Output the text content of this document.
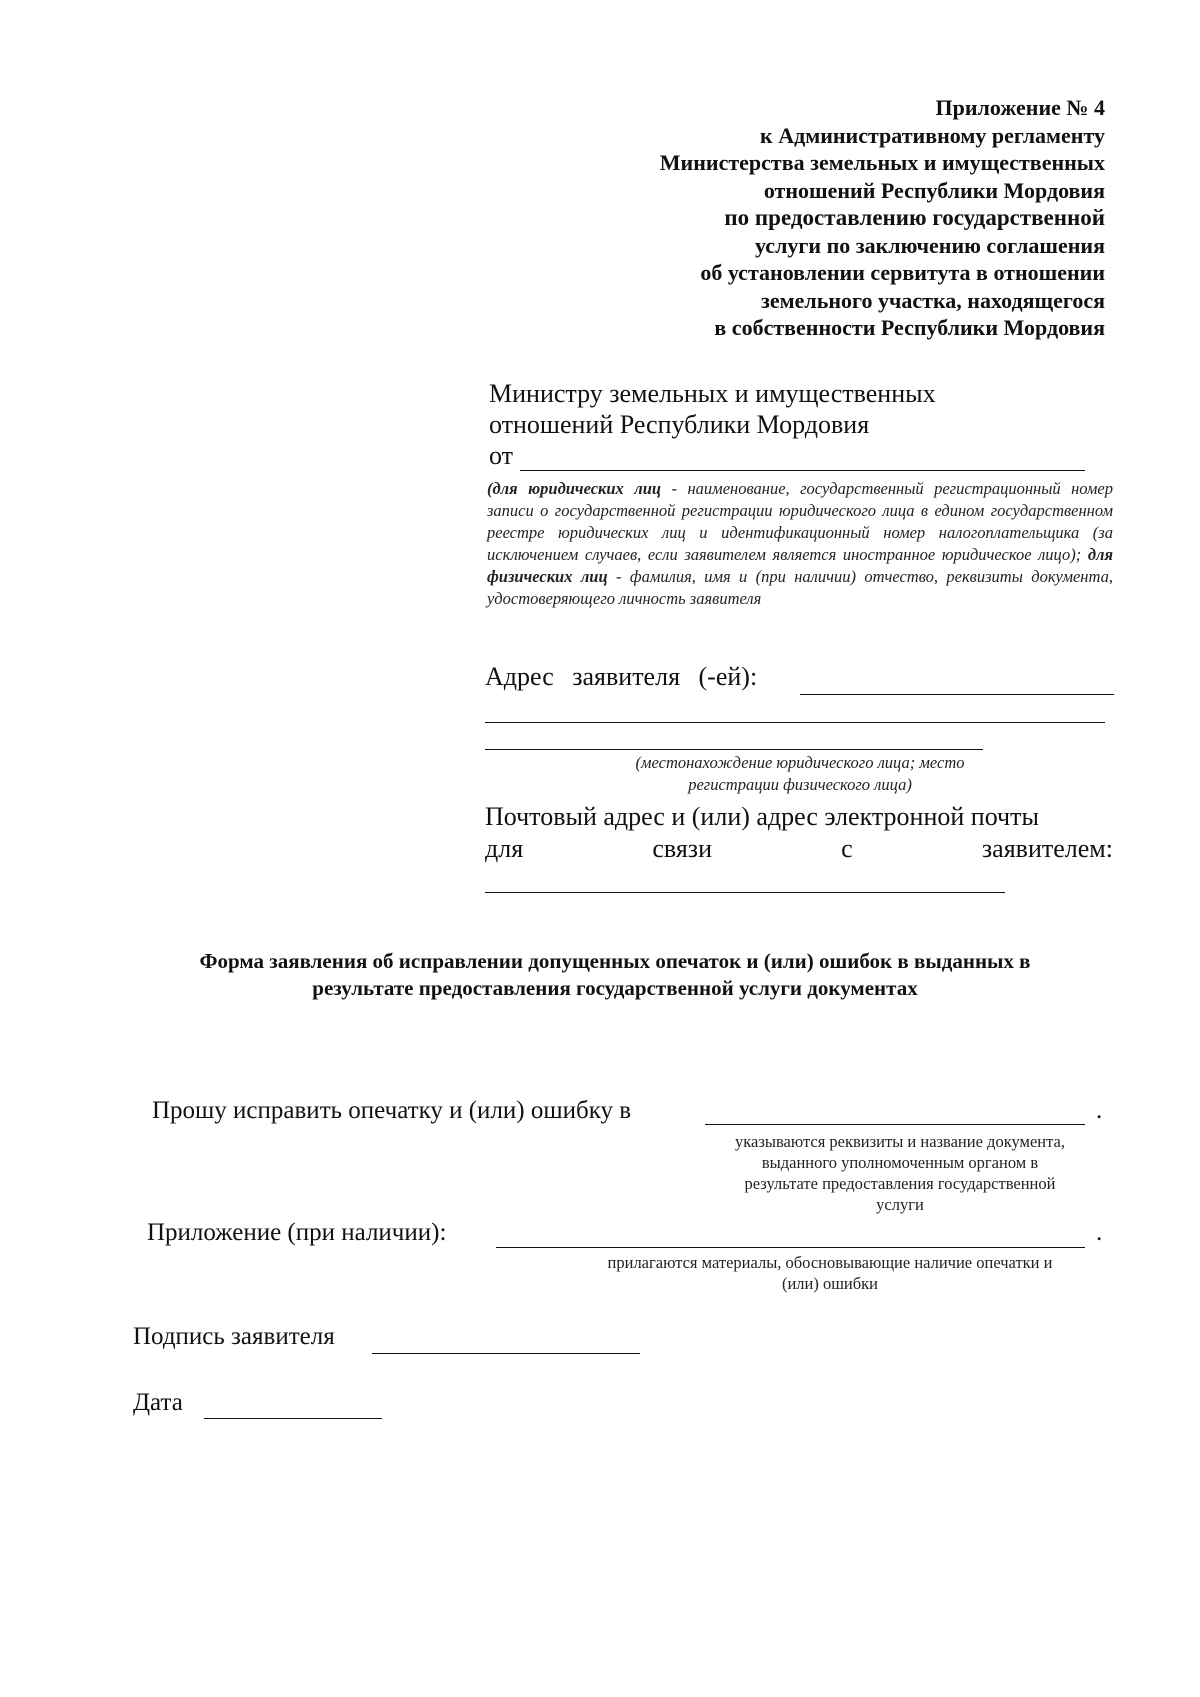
Приложение № 4
к Административному регламенту
Министерства земельных и имущественных
отношений Республики Мордовия
по предоставлению государственной
услуги по заключению соглашения
об установлении сервитута в отношении
земельного участка, находящегося
в собственности Республики Мордовия
Министру земельных и имущественных
отношений Республики Мордовия
от
(для юридических лиц - наименование, государственный регистрационный номер записи о государственной регистрации юридического лица в едином государственном реестре юридических лиц и идентификационный номер налогоплательщика (за исключением случаев, если заявителем является иностранное юридическое лицо); для физических лиц - фамилия, имя и (при наличии) отчество, реквизиты документа, удостоверяющего личность заявителя
Адрес заявителя (-ей):
(местонахождение юридического лица; место
регистрации физического лица)
Почтовый адрес и (или) адрес электронной почты
для	связи	с	заявителем:
Форма заявления об исправлении допущенных опечаток и (или) ошибок в выданных в
результате предоставления государственной услуги документах
Прошу исправить опечатку и (или) ошибку в	.
указываются реквизиты и название документа,
выданного уполномоченным органом в
результате предоставления государственной
услуги
Приложение (при наличии):	.
прилагаются материалы, обосновывающие наличие опечатки и
(или) ошибки
Подпись заявителя
Дата
